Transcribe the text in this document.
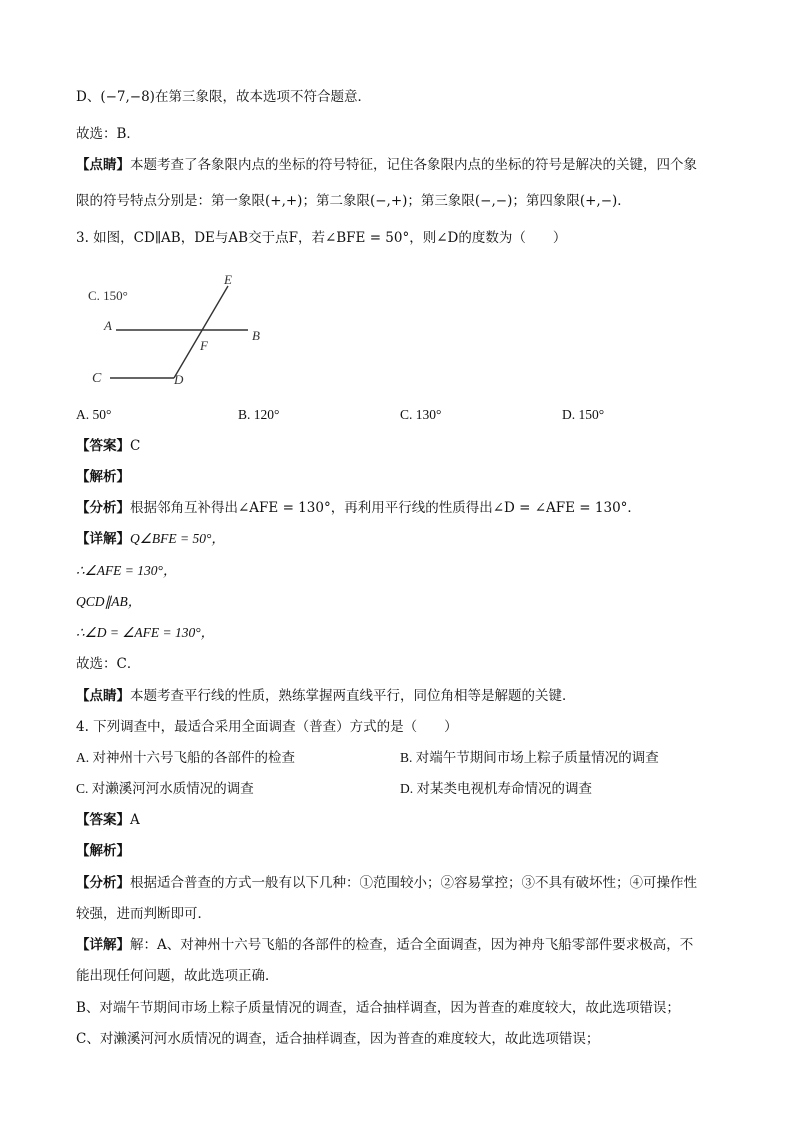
D、(−7,−8)在第三象限，故本选项不符合题意．
故选：B．
【点睛】本题考查了各象限内点的坐标的符号特征，记住各象限内点的坐标的符号是解决的关键，四个象
限的符号特点分别是：第一象限(+,+)；第二象限(−,+)；第三象限(−,−)；第四象限(+,−)．
3. 如图，CD∥AB，DE与AB交于点F，若∠BFE = 50°，则∠D的度数为（　　）
C. 150°
E
A
B
F
C	D
A. 50°	B. 120°	C. 130°	D. 150°
【答案】C
【解析】
【分析】根据邻角互补得出∠AFE = 130°，再利用平行线的性质得出∠D = ∠AFE = 130°．
【详解】Q∠BFE = 50°，
∴∠AFE = 130°，
QCD∥AB，
∴∠D = ∠AFE = 130°，
故选：C．
【点睛】本题考查平行线的性质，熟练掌握两直线平行，同位角相等是解题的关键．
4. 下列调查中，最适合采用全面调查（普查）方式的是（　　）
A. 对神州十六号飞船的各部件的检查	B. 对端午节期间市场上粽子质量情况的调查
C. 对濑溪河河水质情况的调查	D. 对某类电视机寿命情况的调查
【答案】A
【解析】
【分析】根据适合普查的方式一般有以下几种：①范围较小；②容易掌控；③不具有破坏性；④可操作性
较强，进而判断即可．
【详解】解：A、对神州十六号飞船的各部件的检查，适合全面调查，因为神舟飞船零部件要求极高，不
能出现任何问题，故此选项正确．
B、对端午节期间市场上粽子质量情况的调查，适合抽样调查，因为普查的难度较大，故此选项错误；
C、对濑溪河河水质情况的调查，适合抽样调查，因为普查的难度较大，故此选项错误；
